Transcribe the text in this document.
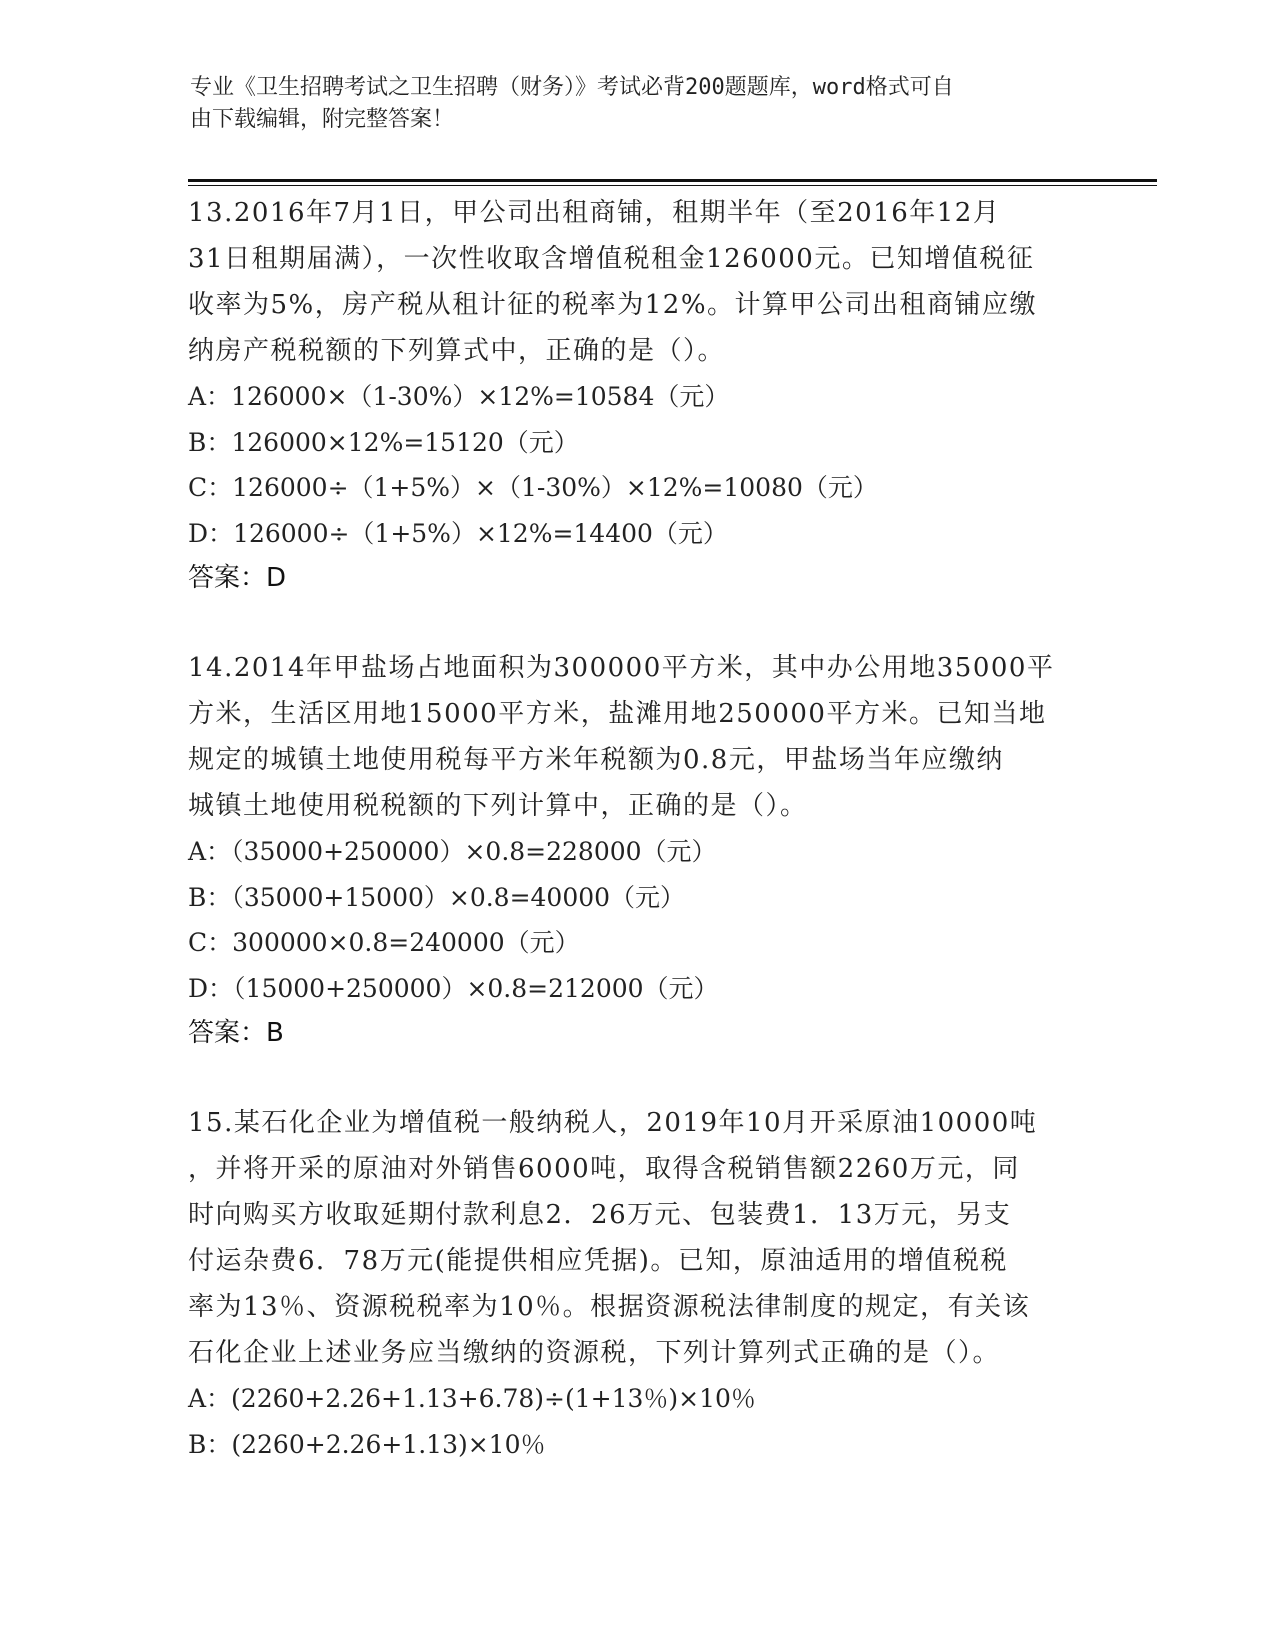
专业《卫生招聘考试之卫生招聘（财务）》考试必背200题题库，word格式可自
由下载编辑，附完整答案！
13.2016年7月1日，甲公司出租商铺，租期半年（至2016年12月
31日租期届满），一次性收取含增值税租金126000元。已知增值税征
收率为5%，房产税从租计征的税率为12%。计算甲公司出租商铺应缴
纳房产税税额的下列算式中，正确的是（）。
A：126000×（1-30%）×12%=10584（元）
B：126000×12%=15120（元）
C：126000÷（1+5%）×（1-30%）×12%=10080（元）
D：126000÷（1+5%）×12%=14400（元）
答案：D
14.2014年甲盐场占地面积为300000平方米，其中办公用地35000平
方米，生活区用地15000平方米，盐滩用地250000平方米。已知当地
规定的城镇土地使用税每平方米年税额为0.8元，甲盐场当年应缴纳
城镇土地使用税税额的下列计算中，正确的是（）。
A：（35000+250000）×0.8=228000（元）
B：（35000+15000）×0.8=40000（元）
C：300000×0.8=240000（元）
D：（15000+250000）×0.8=212000（元）
答案：B
15.某石化企业为增值税一般纳税人，2019年10月开采原油10000吨
，并将开采的原油对外销售6000吨，取得含税销售额2260万元，同
时向购买方收取延期付款利息2．26万元、包装费1．13万元，另支
付运杂费6．78万元(能提供相应凭据)。已知，原油适用的增值税税
率为13％、资源税税率为10％。根据资源税法律制度的规定，有关该
石化企业上述业务应当缴纳的资源税，下列计算列式正确的是（）。
A：(2260+2.26+1.13+6.78)÷(1+13％)×10％
B：(2260+2.26+1.13)×10％
